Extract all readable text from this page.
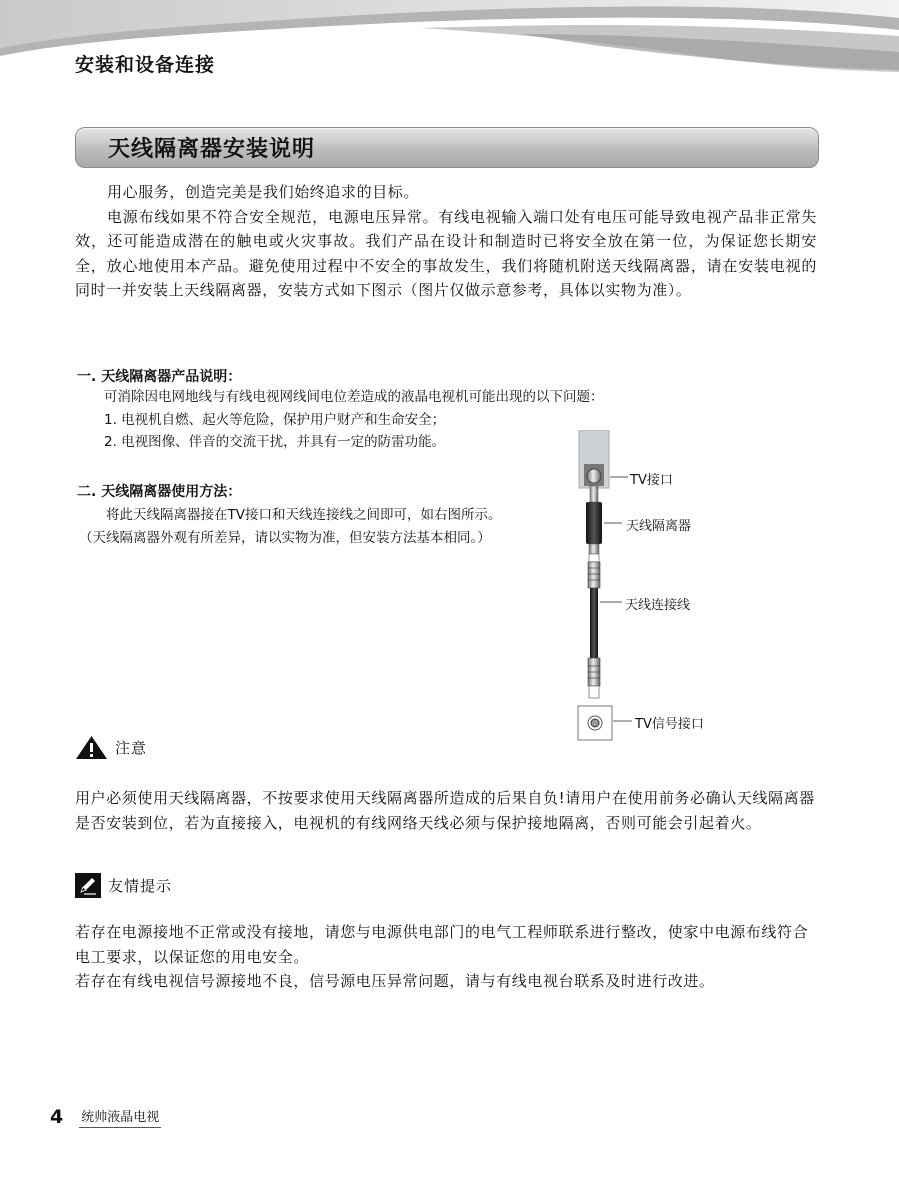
安装和设备连接
天线隔离器安装说明

用心服务，创造完美是我们始终追求的目标。

电源布线如果不符合安全规范，电源电压异常。有线电视输入端口处有电压可能导致电视产品非正常失效，还可能造成潜在的触电或火灾事故。我们产品在设计和制造时已将安全放在第一位，为保证您长期安全，放心地使用本产品。避免使用过程中不安全的事故发生，我们将随机附送天线隔离器，请在安装电视的同时一并安装上天线隔离器，安装方式如下图示（图片仅做示意参考，具体以实物为准）。

一. 天线隔离器产品说明：
可消除因电网地线与有线电视网线间电位差造成的液晶电视机可能出现的以下问题：
1. 电视机自燃、起火等危险，保护用户财产和生命安全；
2. 电视图像、伴音的交流干扰，并具有一定的防雷功能。
二. 天线隔离器使用方法：
将此天线隔离器接在TV接口和天线连接线之间即可，如右图所示。
（天线隔离器外观有所差异，请以实物为准，但安装方法基本相同。）
TV接口
天线隔离器
天线连接线
TV信号接口
注意

用户必须使用天线隔离器，不按要求使用天线隔离器所造成的后果自负!请用户在使用前务必确认天线隔离器是否安装到位，若为直接接入，电视机的有线网络天线必须与保护接地隔离，否则可能会引起着火。

友情提示

若存在电源接地不正常或没有接地，请您与电源供电部门的电气工程师联系进行整改，使家中电源布线符合电工要求，以保证您的用电安全。

若存在有线电视信号源接地不良，信号源电压异常问题，请与有线电视台联系及时进行改进。

4 统帅液晶电视
